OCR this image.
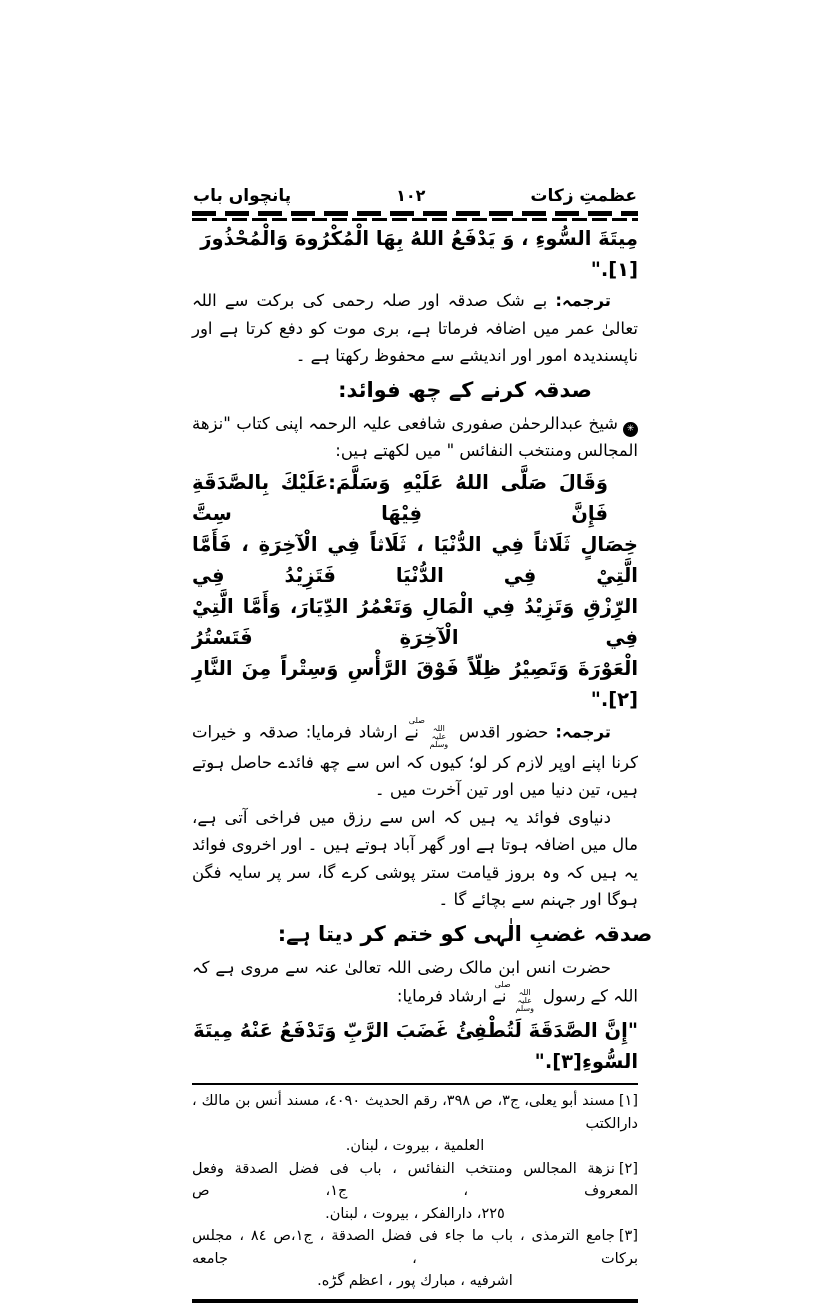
پانچواں باب	۱۰۲	عظمتِ زکات
مِيتَةَ السُّوءِ ، وَ يَدْفَعُ اللهُ بِهَا الْمُكْرُوهَ وَالْمُحْذُورَ ".[۱]

ترجمہ: بے شک صدقہ اور صلہ رحمی کی برکت سے اللہ تعالیٰ عمر میں اضافہ فرماتا ہے، بری موت کو دفع کرتا ہے اور ناپسندیدہ امور اور اندیشے سے محفوظ رکھتا ہے ۔

صدقہ کرنے کے چھ فوائد:

✳شیخ عبدالرحمٰن صفوری شافعی علیہ الرحمہ اپنی کتاب "نزهة المجالس ومنتخب النفائس " میں لکھتے ہیں:

وَقَالَ صَلَّى اللهُ عَلَيْهِ وَسَلَّمَ:عَلَيْكَ بِالصَّدَقَةِ فَإِنَّ فِيْهَا سِتَّ
خِصَالٍ ثَلَاثاً فِي الدُّنْيَا ، ثَلَاثاً فِي الْآخِرَةِ ، فَأَمَّا الَّتِيْ فِي الدُّنْيَا فَتَزِيْدُ فِي
الرِّزْقِ وَتَزِيْدُ فِي الْمَالِ وَتَعْمُرُ الدِّيَارَ، وَأَمَّا الَّتِيْ فِي الْآخِرَةِ فَتَسْتُرُ
الْعَوْرَةَ وَتَصِيْرُ ظِلّاً فَوْقَ الرَّأْسِ وَسِتْراً مِنَ النَّارِ ".[۲]

ترجمہ: حضور اقدس صلی اللہ علیہ وسلم نے ارشاد فرمایا: صدقہ و خیرات کرنا اپنے اوپر لازم کر لو؛ کیوں کہ اس سے چھ فائدے حاصل ہوتے ہیں، تین دنیا میں اور تین آخرت میں ۔

دنیاوی فوائد یہ ہیں کہ اس سے رزق میں فراخی آتی ہے، مال میں اضافہ ہوتا ہے اور گھر آباد ہوتے ہیں ۔ اور اخروی فوائد یہ ہیں کہ وہ بروز قیامت ستر پوشی کرے گا، سر پر سایہ فگن ہوگا اور جہنم سے بچائے گا ۔

صدقہ غضبِ الٰہی کو ختم کر دیتا ہے:

حضرت انس ابن مالک رضی اللہ تعالیٰ عنہ سے مروی ہے کہ اللہ کے رسول صلی اللہ علیہ وسلم نے ارشاد فرمایا:

"إِنَّ الصَّدَقَةَ لَتُطْفِئُ غَضَبَ الرَّبِّ وَتَدْفَعُ عَنْهُ مِيتَةَ السُّوءِ".[۳]
[١]مسند أبو يعلى، ج٣، ص ٣٩٨، رقم الحديث ٤٠٩٠، مسند أنس بن مالك ، دارالكتب
العلمية ، بيروت ، لبنان.
[٢]نزهة المجالس ومنتخب النفائس ، باب فى فضل الصدقة وفعل المعروف ، ج١، ص
٢٢٥، دارالفكر ، بيروت ، لبنان.
[٣]جامع الترمذى ، باب ما جاء فى فضل الصدقة ، ج١،ص ٨٤ ، مجلس بركات ، جامعه
اشرفيه ، مبارك پور ، اعظم گڑه.
